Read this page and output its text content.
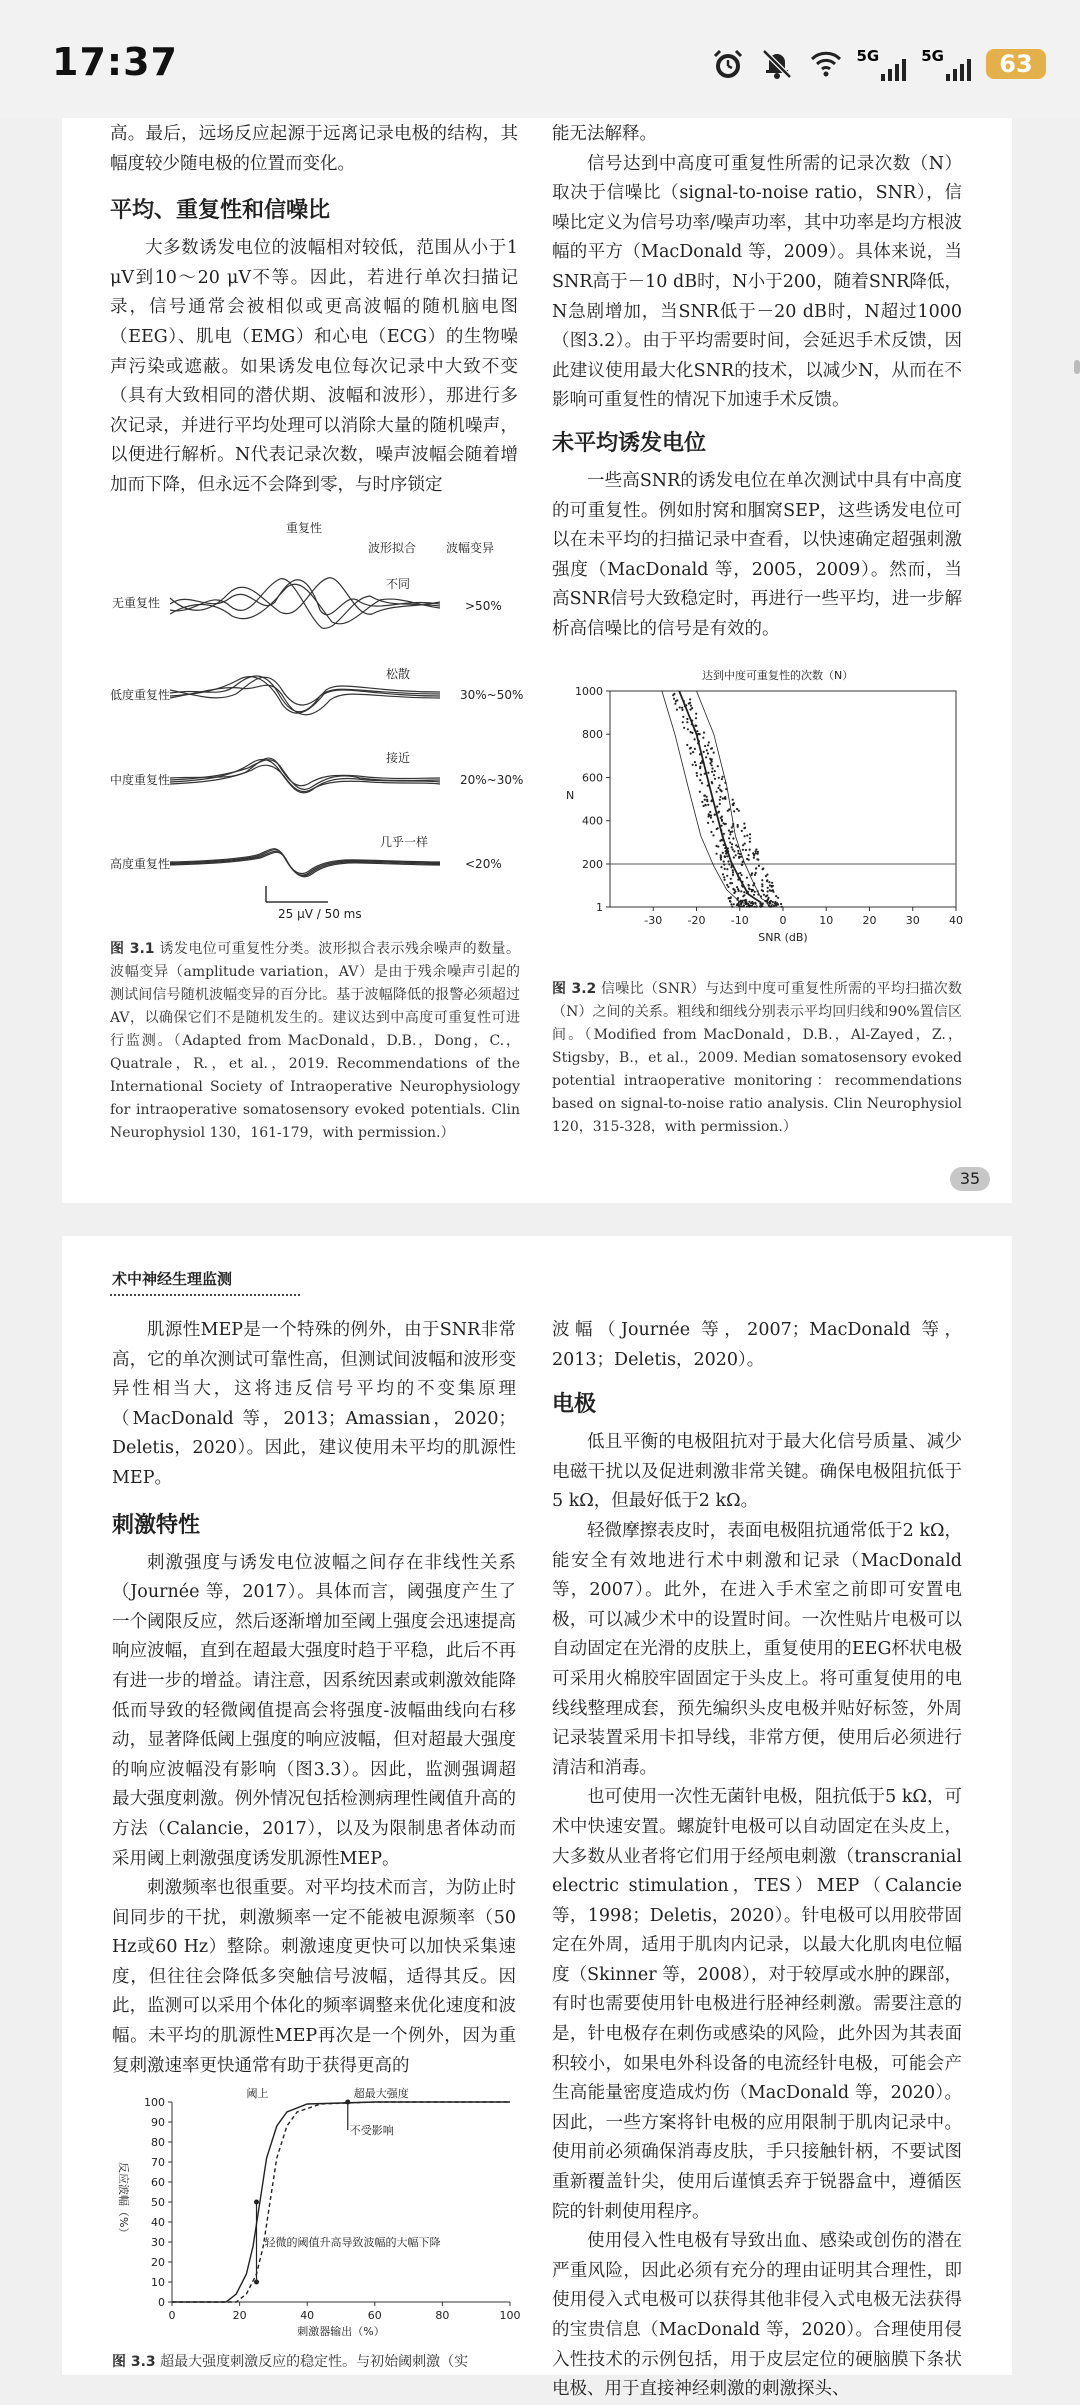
17:37	5G	5G	63

高。最后，远场反应起源于远离记录电极的结构，其幅度较少随电极的位置而变化。

平均、重复性和信噪比

大多数诱发电位的波幅相对较低，范围从小于1 μV到10～20 μV不等。因此，若进行单次扫描记录，信号通常会被相似或更高波幅的随机脑电图（EEG）、肌电（EMG）和心电（ECG）的生物噪声污染或遮蔽。如果诱发电位每次记录中大致不变（具有大致相同的潜伏期、波幅和波形），那进行多次记录，并进行平均处理可以消除大量的随机噪声，以便进行解析。N代表记录次数，噪声波幅会随着增加而下降，但永远不会降到零，与时序锁定

重复性
波形拟合 波幅变异
无重复性
不同
>50%
低度重复性
松散
30%~50%
中度重复性
接近
20%~30%
高度重复性
几乎一样
<20%
25 μV / 50 ms

图 3.1 诱发电位可重复性分类。波形拟合表示残余噪声的数量。波幅变异（amplitude variation，AV）是由于残余噪声引起的测试间信号随机波幅变异的百分比。基于波幅降低的报警必须超过AV，以确保它们不是随机发生的。建议达到中高度可重复性可进行监测。（Adapted from MacDonald，D.B.，Dong，C.，Quatrale，R.，et al.，2019. Recommendations of the International Society of Intraoperative Neurophysiology for intraoperative somatosensory evoked potentials. Clin Neurophysiol 130，161-179，with permission.）

能无法解释。

信号达到中高度可重复性所需的记录次数（N）取决于信噪比（signal-to-noise ratio，SNR），信噪比定义为信号功率/噪声功率，其中功率是均方根波幅的平方（MacDonald 等，2009）。具体来说，当SNR高于－10 dB时，N小于200，随着SNR降低，N急剧增加，当SNR低于－20 dB时，N超过1000（图3.2）。由于平均需要时间，会延迟手术反馈，因此建议使用最大化SNR的技术，以减少N，从而在不影响可重复性的情况下加速手术反馈。

未平均诱发电位

一些高SNR的诱发电位在单次测试中具有中高度的可重复性。例如肘窝和腘窝SEP，这些诱发电位可以在未平均的扫描记录中查看，以快速确定超强刺激强度（MacDonald 等，2005，2009）。然而，当高SNR信号大致稳定时，再进行一些平均，进一步解析高信噪比的信号是有效的。

达到中度可重复性的次数（N）
1
200
400
600
800
1000
-30 -20 -10	0	10	20	30	40
SNR (dB)
N

图 3.2 信噪比（SNR）与达到中度可重复性所需的平均扫描次数（N）之间的关系。粗线和细线分别表示平均回归线和90%置信区间。（Modified from MacDonald，D.B.，Al-Zayed，Z.，Stigsby，B.，et al.，2009. Median somatosensory evoked potential intraoperative monitoring：recommendations based on signal-to-noise ratio analysis. Clin Neurophysiol 120，315-328，with permission.）

35
术中神经生理监测

肌源性MEP是一个特殊的例外，由于SNR非常高，它的单次测试可靠性高，但测试间波幅和波形变异性相当大，这将违反信号平均的不变集原理（MacDonald 等，2013；Amassian，2020；Deletis，2020）。因此，建议使用未平均的肌源性MEP。

刺激特性

刺激强度与诱发电位波幅之间存在非线性关系（Journée 等，2017）。具体而言，阈强度产生了一个阈限反应，然后逐渐增加至阈上强度会迅速提高响应波幅，直到在超最大强度时趋于平稳，此后不再有进一步的增益。请注意，因系统因素或刺激效能降低而导致的轻微阈值提高会将强度-波幅曲线向右移动，显著降低阈上强度的响应波幅，但对超最大强度的响应波幅没有影响（图3.3）。因此，监测强调超最大强度刺激。例外情况包括检测病理性阈值升高的方法（Calancie，2017），以及为限制患者体动而采用阈上刺激强度诱发肌源性MEP。

刺激频率也很重要。对平均技术而言，为防止时间同步的干扰，刺激频率一定不能被电源频率（50 Hz或60 Hz）整除。刺激速度更快可以加快采集速度，但往往会降低多突触信号波幅，适得其反。因此，监测可以采用个体化的频率调整来优化速度和波幅。未平均的肌源性MEP再次是一个例外，因为重复刺激速率更快通常有助于获得更高的

0
10
20
30
40
50
60
70
80
90
100
0	20	40	60	80	100
刺激器输出（%）
反应波幅（%）
阈上	超最大强度
不受影响
轻微的阈值升高导致波幅的大幅下降

图 3.3 超最大强度刺激反应的稳定性。与初始阈刺激（实

波幅（Journée 等，2007；MacDonald 等，2013；Deletis，2020）。

电极

低且平衡的电极阻抗对于最大化信号质量、减少电磁干扰以及促进刺激非常关键。确保电极阻抗低于5 kΩ，但最好低于2 kΩ。

轻微摩擦表皮时，表面电极阻抗通常低于2 kΩ，能安全有效地进行术中刺激和记录（MacDonald 等，2007）。此外，在进入手术室之前即可安置电极，可以减少术中的设置时间。一次性贴片电极可以自动固定在光滑的皮肤上，重复使用的EEG杯状电极可采用火棉胶牢固固定于头皮上。将可重复使用的电线线整理成套，预先编织头皮电极并贴好标签，外周记录装置采用卡扣导线，非常方便，使用后必须进行清洁和消毒。

也可使用一次性无菌针电极，阻抗低于5 kΩ，可术中快速安置。螺旋针电极可以自动固定在头皮上，大多数从业者将它们用于经颅电刺激（transcranial electric stimulation，TES）MEP（Calancie 等，1998；Deletis，2020）。针电极可以用胶带固定在外周，适用于肌肉内记录，以最大化肌肉电位幅度（Skinner 等，2008），对于较厚或水肿的踝部，有时也需要使用针电极进行胫神经刺激。需要注意的是，针电极存在刺伤或感染的风险，此外因为其表面积较小，如果电外科设备的电流经针电极，可能会产生高能量密度造成灼伤（MacDonald 等，2020）。因此，一些方案将针电极的应用限制于肌肉记录中。使用前必须确保消毒皮肤，手只接触针柄，不要试图重新覆盖针尖，使用后谨慎丢弃于锐器盒中，遵循医院的针刺使用程序。

使用侵入性电极有导致出血、感染或创伤的潜在严重风险，因此必须有充分的理由证明其合理性，即使用侵入式电极可以获得其他非侵入式电极无法获得的宝贵信息（MacDonald 等，2020）。合理使用侵入性技术的示例包括，用于皮层定位的硬脑膜下条状电极、用于直接神经刺激的刺激探头、
